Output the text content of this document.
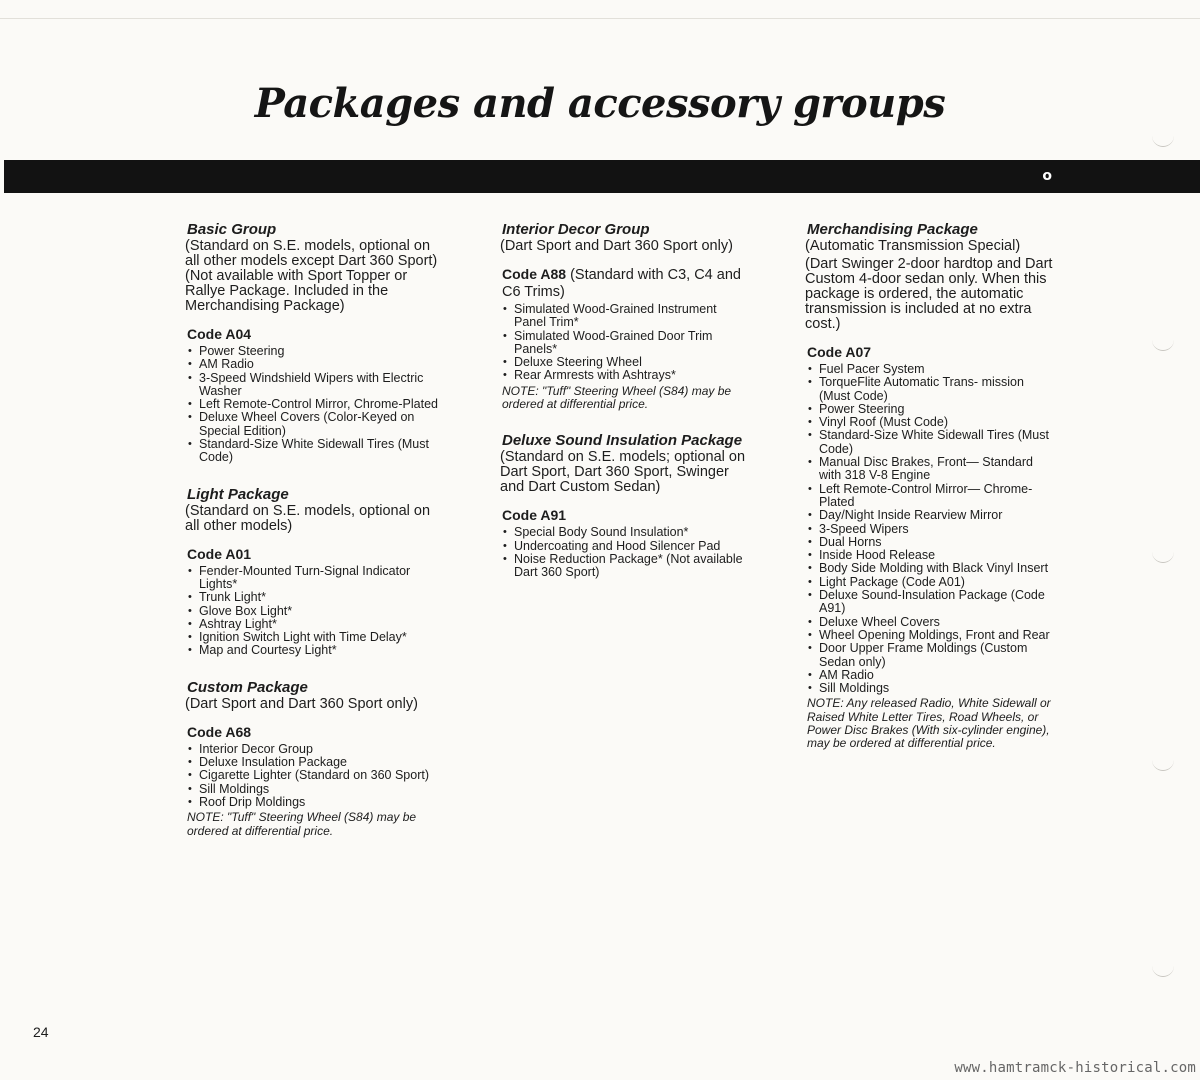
Packages and accessory groups
o
Basic Group
(Standard on S.E. models, optional on all other models except Dart 360 Sport) (Not available with Sport Topper or Rallye Package. Included in the Merchandising Package)
Code A04
• Power Steering
• AM Radio
• 3-Speed Windshield Wipers with Electric Washer
• Left Remote-Control Mirror, Chrome-Plated
• Deluxe Wheel Covers (Color-Keyed on Special Edition)
• Standard-Size White Sidewall Tires (Must Code)
Light Package
(Standard on S.E. models, optional on all other models)
Code A01
• Fender-Mounted Turn-Signal Indicator Lights*
• Trunk Light*
• Glove Box Light*
• Ashtray Light*
• Ignition Switch Light with Time Delay*
• Map and Courtesy Light*
Custom Package
(Dart Sport and Dart 360 Sport only)
Code A68
• Interior Decor Group
• Deluxe Insulation Package
• Cigarette Lighter (Standard on 360 Sport)
• Sill Moldings
• Roof Drip Moldings
NOTE: "Tuff" Steering Wheel (S84) may be ordered at differential price.
Interior Decor Group
(Dart Sport and Dart 360 Sport only)
Code A88 (Standard with C3, C4 and C6 Trims)
• Simulated Wood-Grained Instrument Panel Trim*
• Simulated Wood-Grained Door Trim Panels*
• Deluxe Steering Wheel
• Rear Armrests with Ashtrays*
NOTE: "Tuff" Steering Wheel (S84) may be ordered at differential price.
Deluxe Sound Insulation Package
(Standard on S.E. models; optional on Dart Sport, Dart 360 Sport, Swinger and Dart Custom Sedan)
Code A91
• Special Body Sound Insulation*
• Undercoating and Hood Silencer Pad
• Noise Reduction Package* (Not available Dart 360 Sport)
Merchandising Package
(Automatic Transmission Special)
(Dart Swinger 2-door hardtop and Dart Custom 4-door sedan only. When this package is ordered, the automatic transmission is included at no extra cost.)
Code A07
• Fuel Pacer System
• TorqueFlite Automatic Trans- mission (Must Code)
• Power Steering
• Vinyl Roof (Must Code)
• Standard-Size White Sidewall Tires (Must Code)
• Manual Disc Brakes, Front— Standard with 318 V-8 Engine
• Left Remote-Control Mirror— Chrome-Plated
• Day/Night Inside Rearview Mirror
• 3-Speed Wipers
• Dual Horns
• Inside Hood Release
• Body Side Molding with Black Vinyl Insert
• Light Package (Code A01)
• Deluxe Sound-Insulation Package (Code A91)
• Deluxe Wheel Covers
• Wheel Opening Moldings, Front and Rear
• Door Upper Frame Moldings (Custom Sedan only)
• AM Radio
• Sill Moldings
NOTE: Any released Radio, White Sidewall or Raised White Letter Tires, Road Wheels, or Power Disc Brakes (With six-cylinder engine), may be ordered at differential price.
24
www.hamtramck-historical.com
